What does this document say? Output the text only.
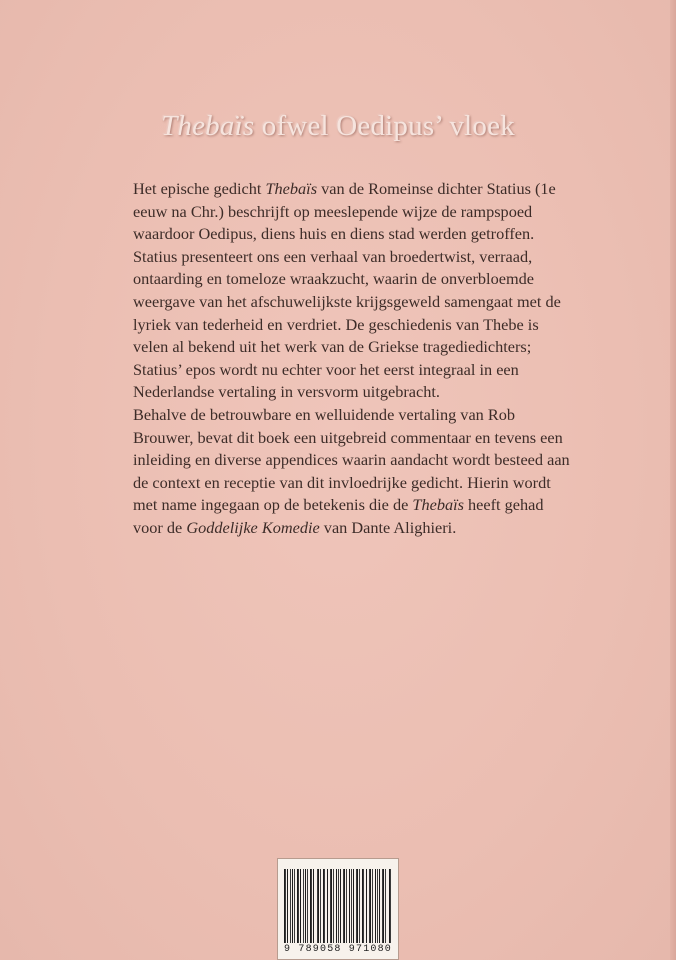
Thebaïs ofwel Oedipus’ vloek

Het epische gedicht Thebaïs van de Romeinse dichter Statius (1e eeuw na Chr.) beschrijft op meeslepende wijze de rampspoed waardoor Oedipus, diens huis en diens stad werden getroffen. Statius presenteert ons een verhaal van broedertwist, verraad, ontaarding en tomeloze wraakzucht, waarin de onverbloemde weergave van het afschuwelijkste krijgsgeweld samengaat met de lyriek van tederheid en verdriet. De geschiedenis van Thebe is velen al bekend uit het werk van de Griekse tragediedichters; Statius’ epos wordt nu echter voor het eerst integraal in een Nederlandse vertaling in versvorm uitgebracht.

Behalve de betrouwbare en welluidende vertaling van Rob Brouwer, bevat dit boek een uitgebreid commentaar en tevens een inleiding en diverse appendices waarin aandacht wordt besteed aan de context en receptie van dit invloedrijke gedicht. Hierin wordt met name ingegaan op de betekenis die de Thebaïs heeft gehad voor de Goddelijke Komedie van Dante Alighieri.

9 789058 971080
